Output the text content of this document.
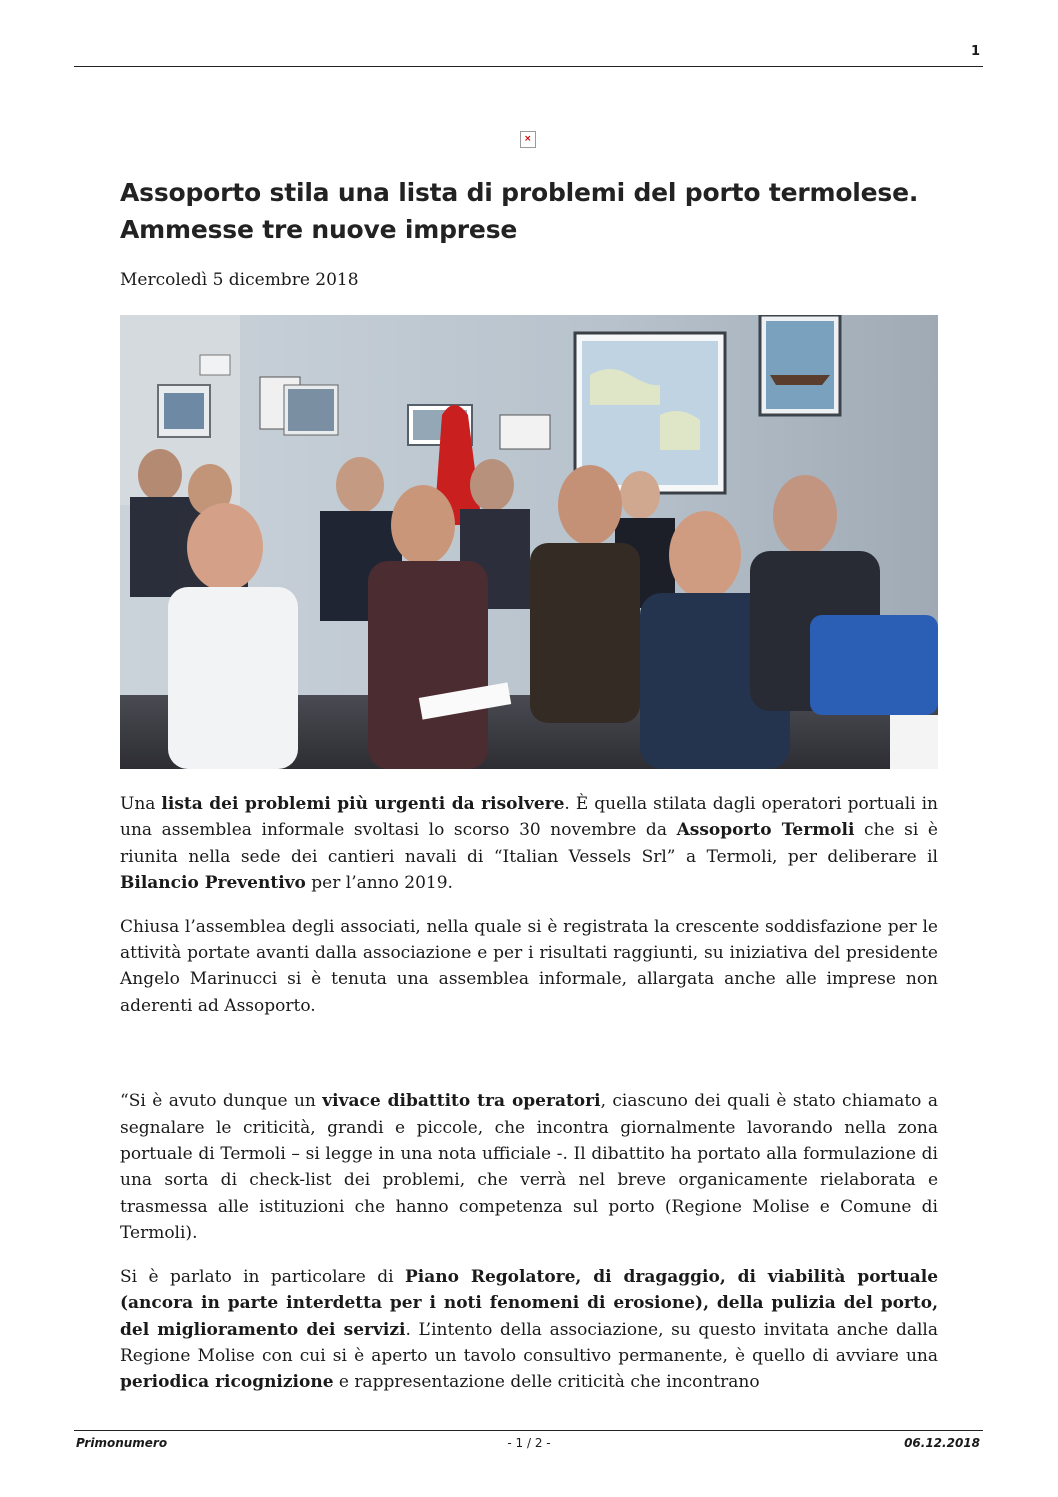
1
×
Assoporto stila una lista di problemi del porto termolese. Ammesse tre nuove imprese
Mercoledì 5 dicembre 2018

Una lista dei problemi più urgenti da risolvere. È quella stilata dagli operatori portuali in una assemblea informale svoltasi lo scorso 30 novembre da Assoporto Termoli che si è riunita nella sede dei cantieri navali di “Italian Vessels Srl” a Termoli, per deliberare il Bilancio Preventivo per l’anno 2019.

Chiusa l’assemblea degli associati, nella quale si è registrata la crescente soddisfazione per le attività portate avanti dalla associazione e per i risultati raggiunti, su iniziativa del presidente Angelo Marinucci si è tenuta una assemblea informale, allargata anche alle imprese non aderenti ad Assoporto.

“Si è avuto dunque un vivace dibattito tra operatori, ciascuno dei quali è stato chiamato a segnalare le criticità, grandi e piccole, che incontra giornalmente lavorando nella zona portuale di Termoli – si legge in una nota ufficiale -. Il dibattito ha portato alla formulazione di una sorta di check-list dei problemi, che verrà nel breve organicamente rielaborata e trasmessa alle istituzioni che hanno competenza sul porto (Regione Molise e Comune di Termoli).

Si è parlato in particolare di Piano Regolatore, di dragaggio, di viabilità portuale (ancora in parte interdetta per i noti fenomeni di erosione), della pulizia del porto, del miglioramento dei servizi. L’intento della associazione, su questo invitata anche dalla Regione Molise con cui si è aperto un tavolo consultivo permanente, è quello di avviare una periodica ricognizione e rappresentazione delle criticità che incontrano

Primonumero	- 1 / 2 -	06.12.2018
